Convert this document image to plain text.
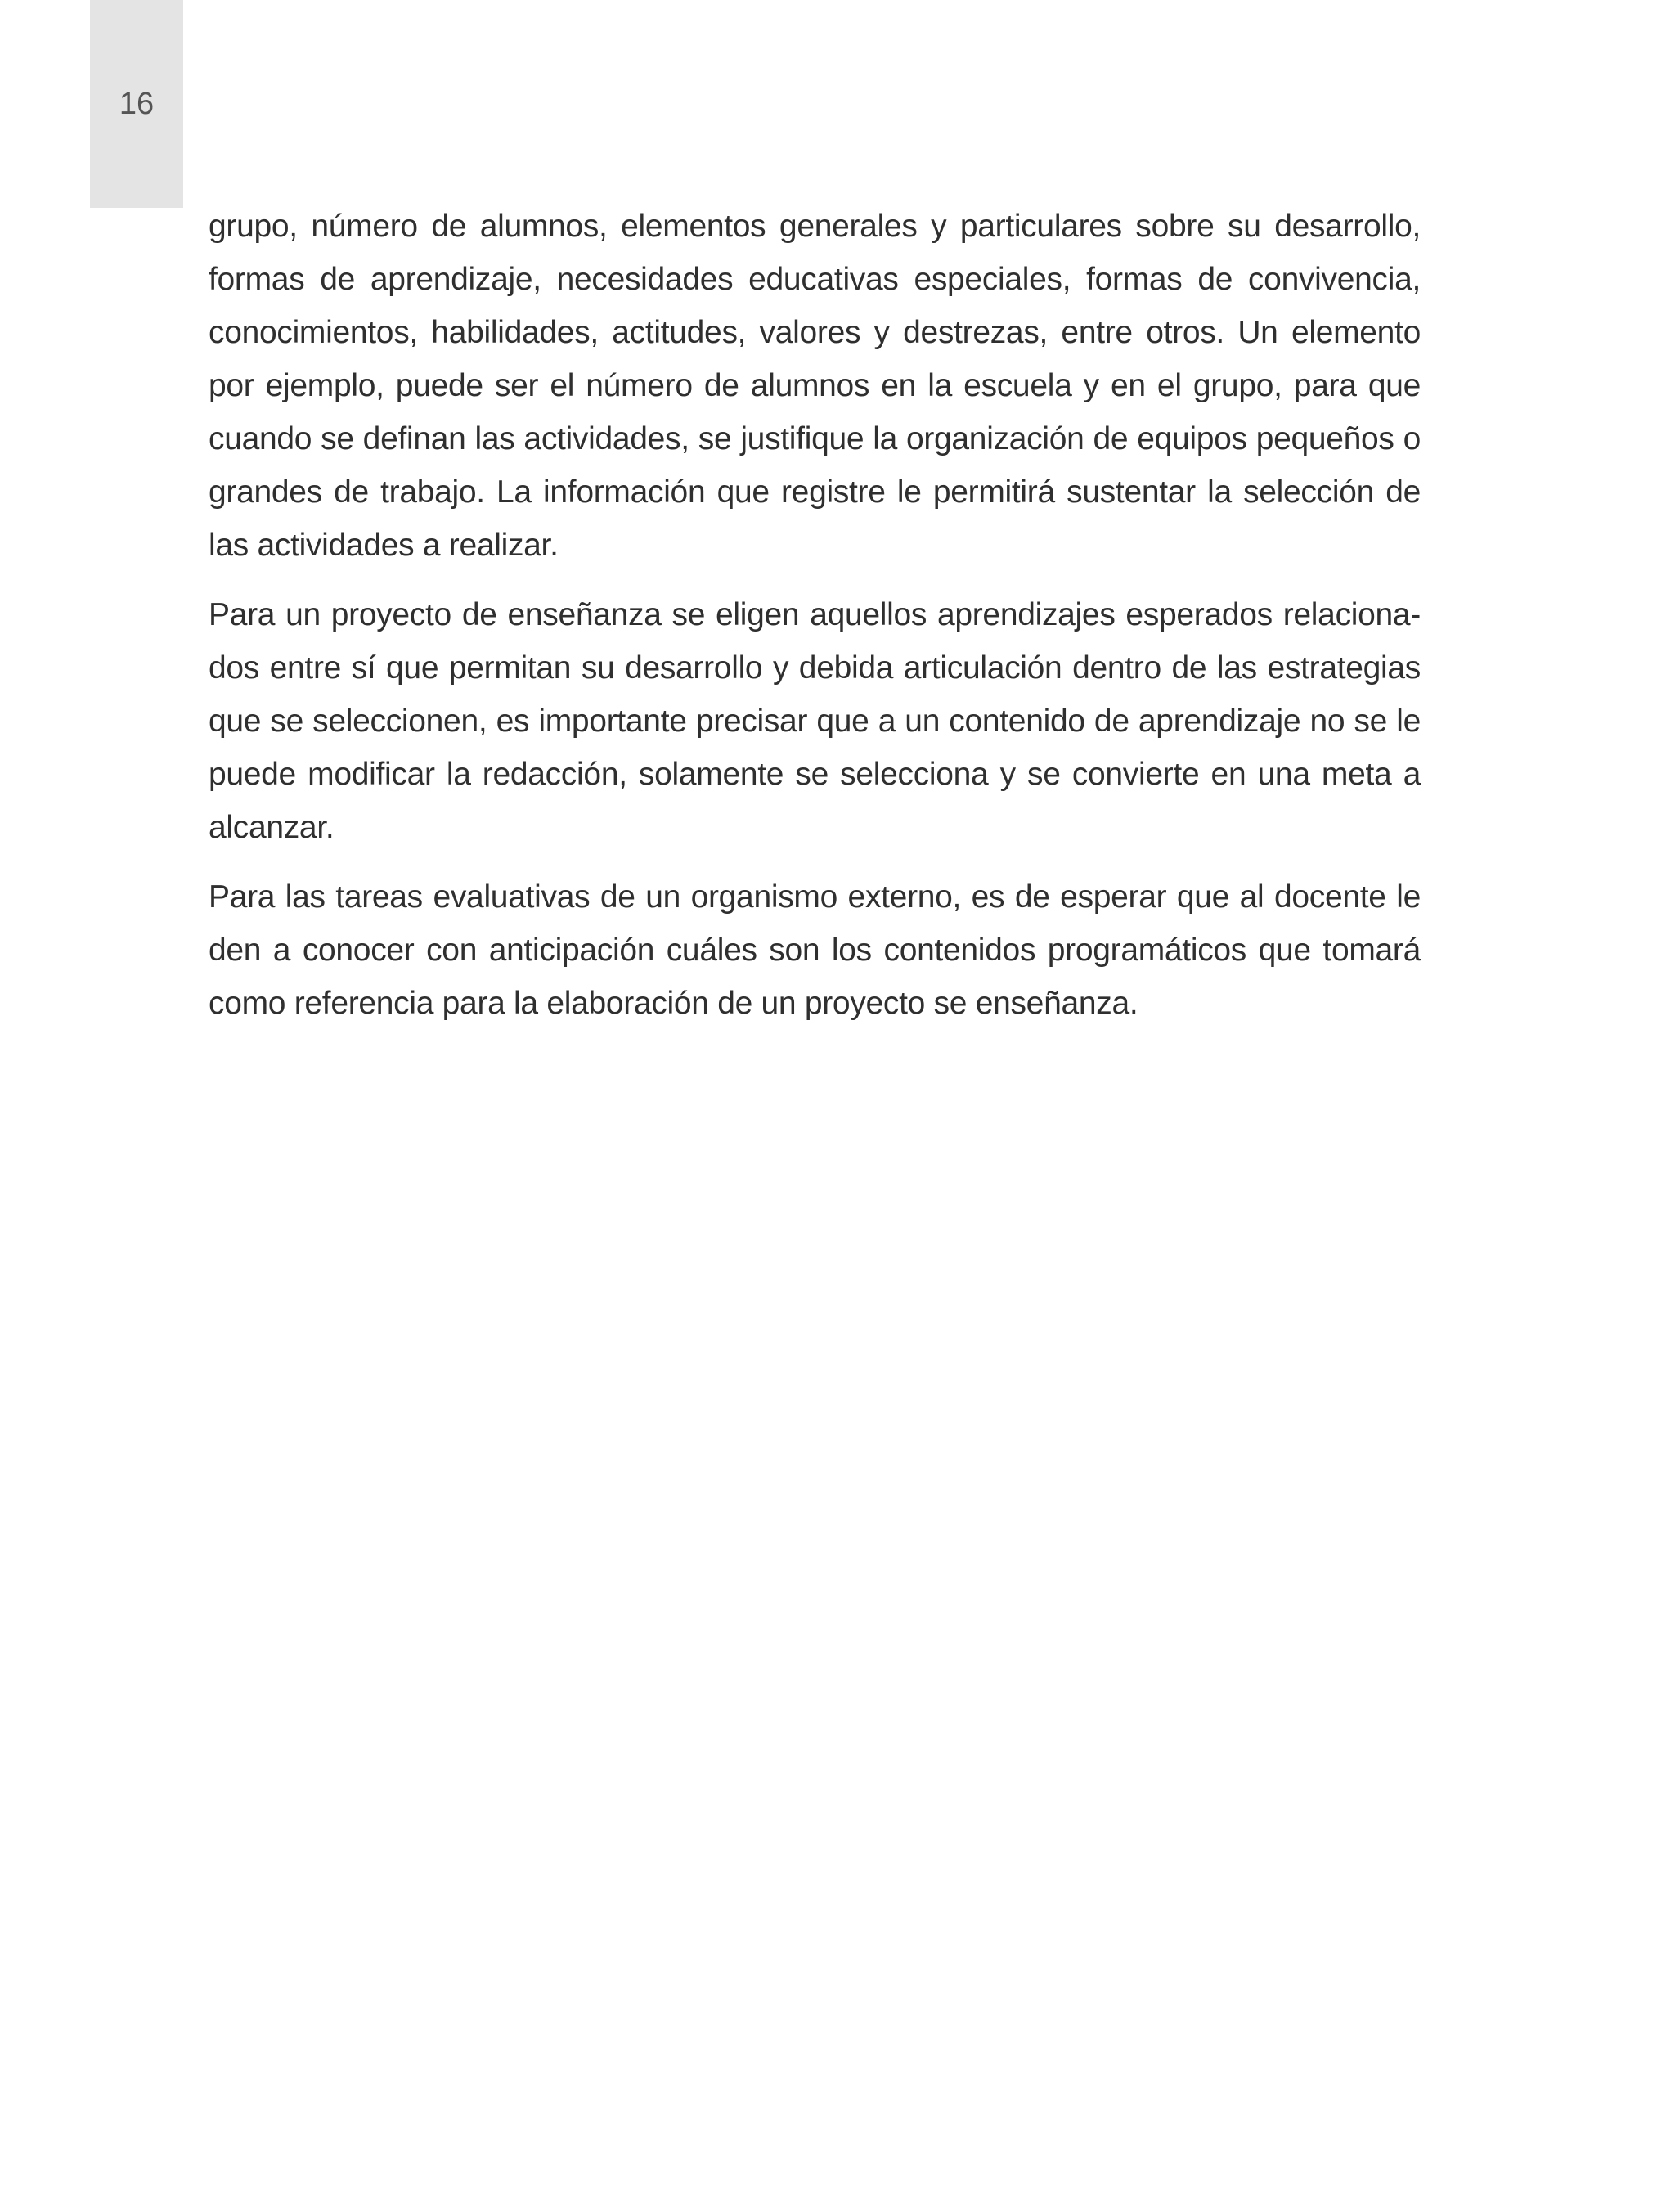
16

grupo, número de alumnos, elementos generales y particulares sobre su desarrollo, formas de aprendizaje, necesidades educativas especiales, formas de convivencia, conocimientos, habilidades, actitudes, valores y destrezas, entre otros. Un elemento por ejemplo, puede ser el número de alumnos en la escuela y en el grupo, para que cuando se definan las actividades, se justifique la organización de equipos pequeños o grandes de trabajo. La información que registre le permitirá sustentar la selección de las actividades a realizar.

Para un proyecto de enseñanza se eligen aquellos aprendizajes esperados relaciona-dos entre sí que permitan su desarrollo y debida articulación dentro de las estrategias que se seleccionen, es importante precisar que a un contenido de aprendizaje no se le puede modificar la redacción, solamente se selecciona y se convierte en una meta a alcanzar.

Para las tareas evaluativas de un organismo externo, es de esperar que al docente le den a conocer con anticipación cuáles son los contenidos programáticos que tomará como referencia para la elaboración de un proyecto se enseñanza.
